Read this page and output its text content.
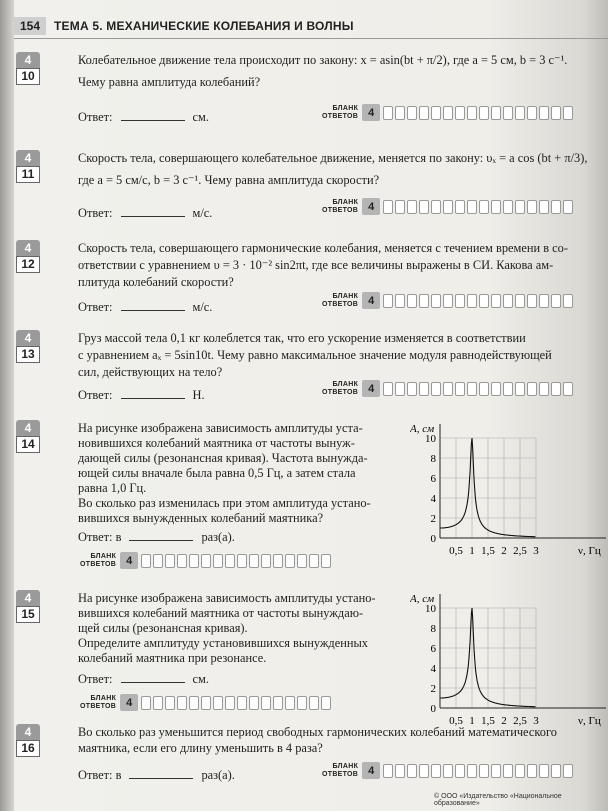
154	ТЕМА 5. МЕХАНИЧЕСКИЕ КОЛЕБАНИЯ И ВОЛНЫ
4
10
Колебательное движение тела происходит по закону: x = asin(bt + π/2), где a = 5 см, b = 3 с⁻¹.
Чему равна амплитуда колебаний?
Ответ:	см.
БЛАНК
ОТВЕТОВ 4
4
11
Скорость тела, совершающего колебательное движение, меняется по закону: υₓ = a cos (bt + π/3),
где a = 5 см/с, b = 3 с⁻¹. Чему равна амплитуда скорости?
Ответ:	м/с.
БЛАНК
ОТВЕТОВ 4
4
12
Скорость тела, совершающего гармонические колебания, меняется с течением времени в со-
ответствии с уравнением υ = 3 · 10⁻² sin2πt, где все величины выражены в СИ. Какова ам-
плитуда колебаний скорости?
Ответ:	м/с.
БЛАНК
ОТВЕТОВ 4
4
13
Груз массой тела 0,1 кг колеблется так, что его ускорение изменяется в соответствии
с уравнением aₓ = 5sin10t. Чему равно максимальное значение модуля равнодействующей
сил, действующих на тело?
Ответ:	Н.
БЛАНК
ОТВЕТОВ 4
4
14
На рисунке изображена зависимость амплитуды уста-
новившихся колебаний маятника от частоты вынуж-
дающей силы (резонансная кривая). Частота вынужда-
ющей силы вначале была равна 0,5 Гц, а затем стала
равна 1,0 Гц.
Во сколько раз изменилась при этом амплитуда устано-
вившихся вынужденных колебаний маятника?
Ответ: в	раз(а).
БЛАНК
ОТВЕТОВ 4
4
15
На рисунке изображена зависимость амплитуды устано-
вившихся колебаний маятника от частоты вынуждаю-
щей силы (резонансная кривая).
Определите амплитуду установившихся вынужденных
колебаний маятника при резонансе.
Ответ:	см.
БЛАНК
ОТВЕТОВ 4
4
16
Во сколько раз уменьшится период свободных гармонических колебаний математического
маятника, если его длину уменьшить в 4 раза?
Ответ: в	раз(а).
БЛАНК
ОТВЕТОВ 4
A, см
ν, Гц
10
8
6
4
2
0
0,5 1 1,5 2 2,5 3
A, см
ν, Гц
10
8
6
4
2
0
0,5 1 1,5 2 2,5 3
© ООО «Издательство «Национальное образование»
